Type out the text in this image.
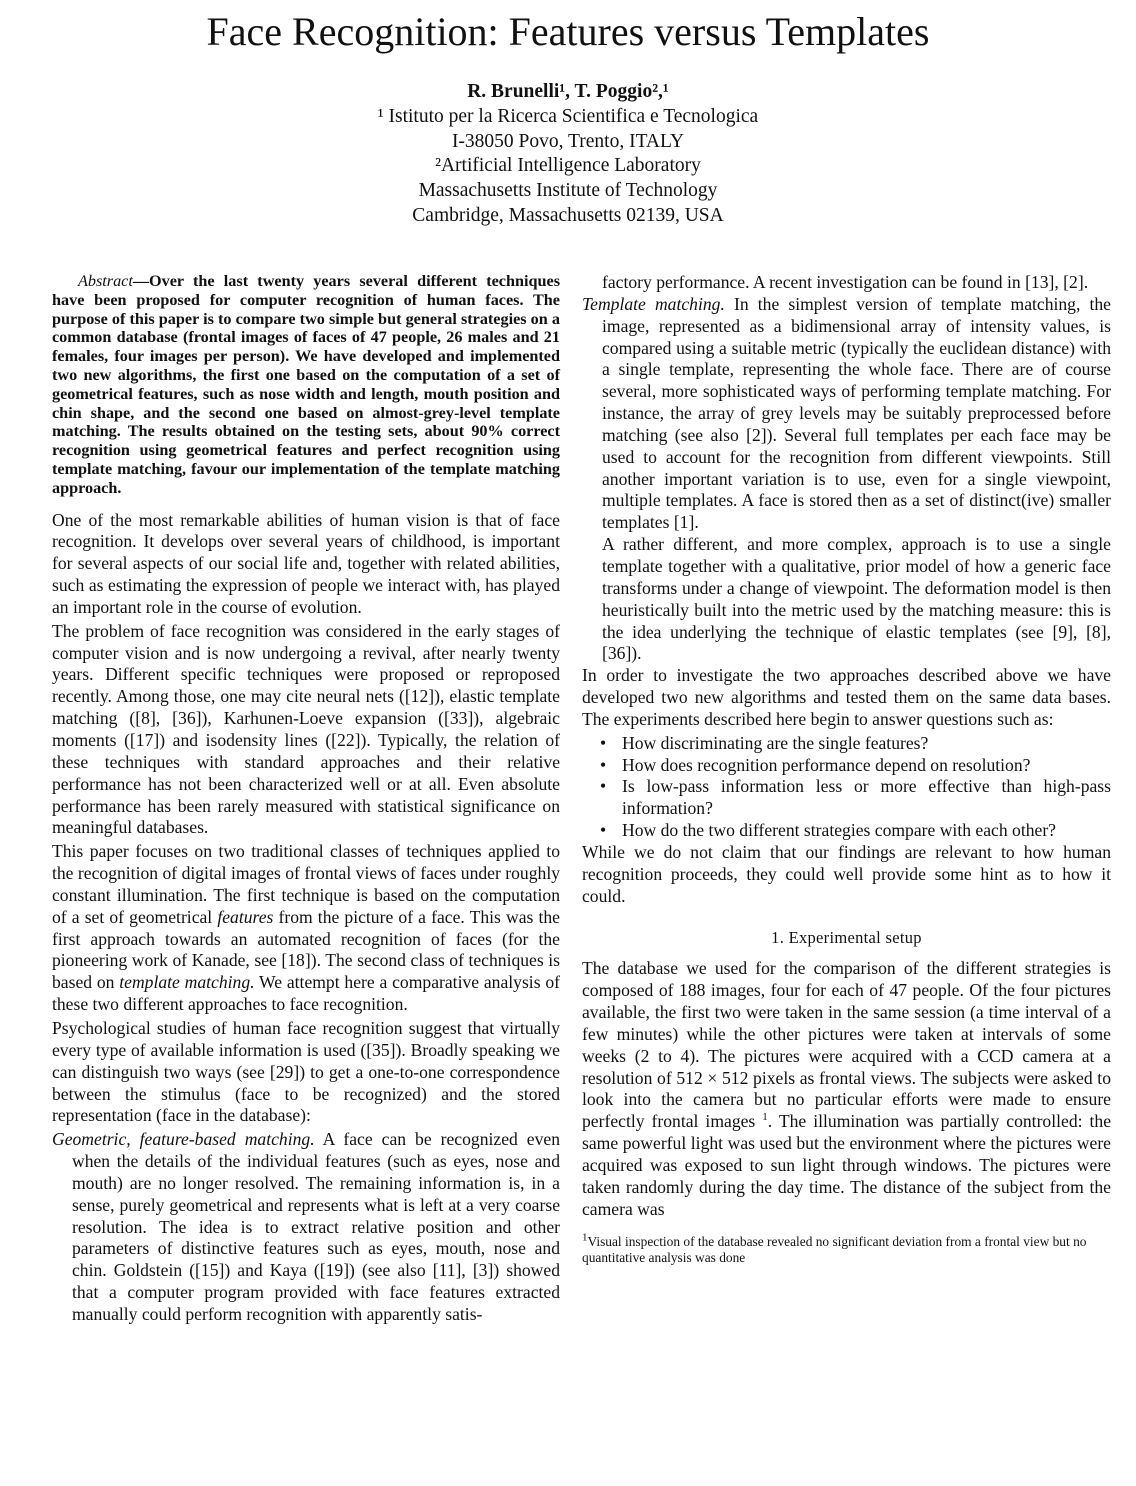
Face Recognition: Features versus Templates
R. Brunelli¹, T. Poggio²,¹
¹ Istituto per la Ricerca Scientifica e Tecnologica
I-38050 Povo, Trento, ITALY
²Artificial Intelligence Laboratory
Massachusetts Institute of Technology
Cambridge, Massachusetts 02139, USA

Abstract—Over the last twenty years several different techniques have been proposed for computer recognition of human faces. The purpose of this paper is to compare two simple but general strategies on a common database (frontal images of faces of 47 people, 26 males and 21 females, four images per person). We have developed and implemented two new algorithms, the first one based on the computation of a set of geometrical features, such as nose width and length, mouth position and chin shape, and the second one based on almost-grey-level template matching. The results obtained on the testing sets, about 90% correct recognition using geometrical features and perfect recognition using template matching, favour our implementation of the template matching approach.

One of the most remarkable abilities of human vision is that of face recognition. It develops over several years of childhood, is important for several aspects of our social life and, together with related abilities, such as estimating the expression of people we interact with, has played an important role in the course of evolution.

The problem of face recognition was considered in the early stages of computer vision and is now undergoing a revival, after nearly twenty years. Different specific techniques were proposed or reproposed recently. Among those, one may cite neural nets ([12]), elastic template matching ([8], [36]), Karhunen-Loeve expansion ([33]), algebraic moments ([17]) and isodensity lines ([22]). Typically, the relation of these techniques with standard approaches and their relative performance has not been characterized well or at all. Even absolute performance has been rarely measured with statistical significance on meaningful databases.

This paper focuses on two traditional classes of techniques applied to the recognition of digital images of frontal views of faces under roughly constant illumination. The first technique is based on the computation of a set of geometrical features from the picture of a face. This was the first approach towards an automated recognition of faces (for the pioneering work of Kanade, see [18]). The second class of techniques is based on template matching. We attempt here a comparative analysis of these two different approaches to face recognition.

Psychological studies of human face recognition suggest that virtually every type of available information is used ([35]). Broadly speaking we can distinguish two ways (see [29]) to get a one-to-one correspondence between the stimulus (face to be recognized) and the stored representation (face in the database):

Geometric, feature-based matching. A face can be recognized even when the details of the individual features (such as eyes, nose and mouth) are no longer resolved. The remaining information is, in a sense, purely geometrical and represents what is left at a very coarse resolution. The idea is to extract relative position and other parameters of distinctive features such as eyes, mouth, nose and chin. Goldstein ([15]) and Kaya ([19]) (see also [11], [3]) showed that a computer program provided with face features extracted manually could perform recognition with apparently satis-

factory performance. A recent investigation can be found in [13], [2].

Template matching. In the simplest version of template matching, the image, represented as a bidimensional array of intensity values, is compared using a suitable metric (typically the euclidean distance) with a single template, representing the whole face. There are of course several, more sophisticated ways of performing template matching. For instance, the array of grey levels may be suitably preprocessed before matching (see also [2]). Several full templates per each face may be used to account for the recognition from different viewpoints. Still another important variation is to use, even for a single viewpoint, multiple templates. A face is stored then as a set of distinct(ive) smaller templates [1].

A rather different, and more complex, approach is to use a single template together with a qualitative, prior model of how a generic face transforms under a change of viewpoint. The deformation model is then heuristically built into the metric used by the matching measure: this is the idea underlying the technique of elastic templates (see [9], [8], [36]).

In order to investigate the two approaches described above we have developed two new algorithms and tested them on the same data bases. The experiments described here begin to answer questions such as:

• How discriminating are the single features?
• How does recognition performance depend on resolution?
• Is low-pass information less or more effective than high-pass information?
• How do the two different strategies compare with each other?

While we do not claim that our findings are relevant to how human recognition proceeds, they could well provide some hint as to how it could.

1. Experimental setup

The database we used for the comparison of the different strategies is composed of 188 images, four for each of 47 people. Of the four pictures available, the first two were taken in the same session (a time interval of a few minutes) while the other pictures were taken at intervals of some weeks (2 to 4). The pictures were acquired with a CCD camera at a resolution of 512 × 512 pixels as frontal views. The subjects were asked to look into the camera but no particular efforts were made to ensure perfectly frontal images $^1$. The illumination was partially controlled: the same powerful light was used but the environment where the pictures were acquired was exposed to sun light through windows. The pictures were taken randomly during the day time. The distance of the subject from the camera was

$^1$Visual inspection of the database revealed no significant deviation from a frontal view but no quantitative analysis was done
